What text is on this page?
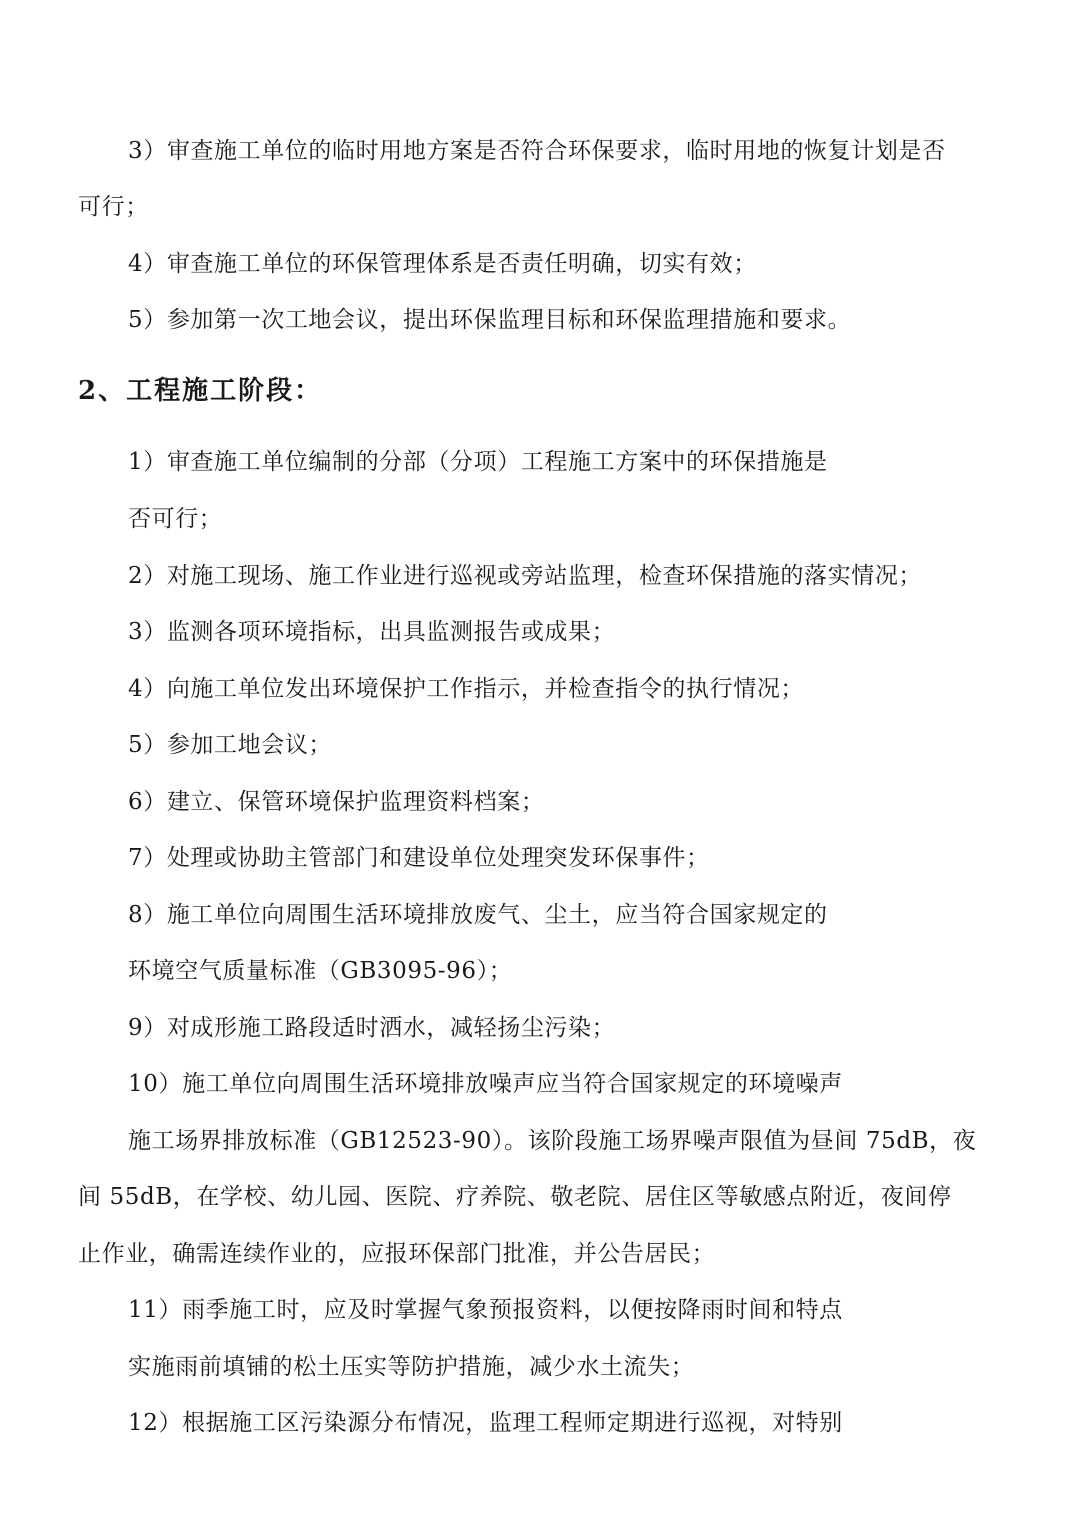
3）审查施工单位的临时用地方案是否符合环保要求，临时用地的恢复计划是否
可行；
4）审查施工单位的环保管理体系是否责任明确，切实有效；
5）参加第一次工地会议，提出环保监理目标和环保监理措施和要求。
2、工程施工阶段：
1）审查施工单位编制的分部（分项）工程施工方案中的环保措施是
否可行；
2）对施工现场、施工作业进行巡视或旁站监理，检查环保措施的落实情况；
3）监测各项环境指标，出具监测报告或成果；
4）向施工单位发出环境保护工作指示，并检查指令的执行情况；
5）参加工地会议；
6）建立、保管环境保护监理资料档案；
7）处理或协助主管部门和建设单位处理突发环保事件；
8）施工单位向周围生活环境排放废气、尘土，应当符合国家规定的
环境空气质量标准（GB3095-96）；
9）对成形施工路段适时洒水，减轻扬尘污染；
10）施工单位向周围生活环境排放噪声应当符合国家规定的环境噪声
施工场界排放标准（GB12523-90）。该阶段施工场界噪声限值为昼间 75dB，夜
间 55dB，在学校、幼儿园、医院、疗养院、敬老院、居住区等敏感点附近，夜间停
止作业，确需连续作业的，应报环保部门批准，并公告居民；
11）雨季施工时，应及时掌握气象预报资料，以便按降雨时间和特点
实施雨前填铺的松土压实等防护措施，减少水土流失；
12）根据施工区污染源分布情况，监理工程师定期进行巡视，对特别
